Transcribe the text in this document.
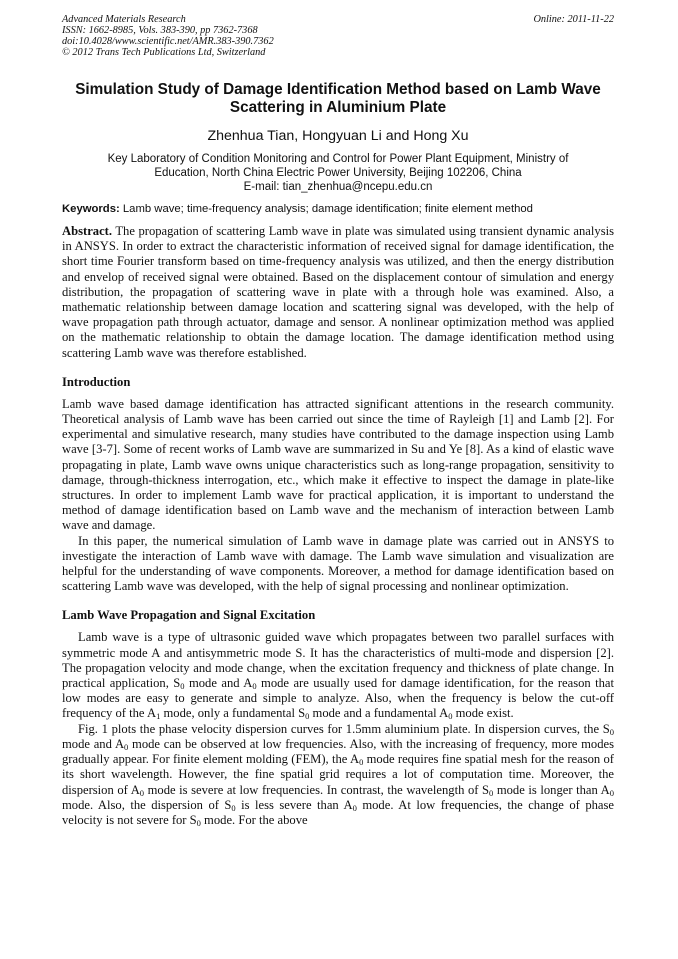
Advanced Materials Research
ISSN: 1662-8985, Vols. 383-390, pp 7362-7368
doi:10.4028/www.scientific.net/AMR.383-390.7362
© 2012 Trans Tech Publications Ltd, Switzerland
Online: 2011-11-22
Simulation Study of Damage Identification Method based on Lamb Wave
Scattering in Aluminium Plate
Zhenhua Tian, Hongyuan Li and Hong Xu
Key Laboratory of Condition Monitoring and Control for Power Plant Equipment, Ministry of
Education, North China Electric Power University, Beijing 102206, China
E-mail: tian_zhenhua@ncepu.edu.cn
Keywords: Lamb wave; time-frequency analysis; damage identification; finite element method

Abstract. The propagation of scattering Lamb wave in plate was simulated using transient dynamic analysis in ANSYS. In order to extract the characteristic information of received signal for damage identification, the short time Fourier transform based on time-frequency analysis was utilized, and then the energy distribution and envelop of received signal were obtained. Based on the displacement contour of simulation and energy distribution, the propagation of scattering wave in plate with a through hole was examined. Also, a mathematic relationship between damage location and scattering signal was developed, with the help of wave propagation path through actuator, damage and sensor. A nonlinear optimization method was applied on the mathematic relationship to obtain the damage location. The damage identification method using scattering Lamb wave was therefore established.

Introduction

Lamb wave based damage identification has attracted significant attentions in the research community. Theoretical analysis of Lamb wave has been carried out since the time of Rayleigh [1] and Lamb [2]. For experimental and simulative research, many studies have contributed to the damage inspection using Lamb wave [3-7]. Some of recent works of Lamb wave are summarized in Su and Ye [8]. As a kind of elastic wave propagating in plate, Lamb wave owns unique characteristics such as long-range propagation, sensitivity to damage, through-thickness interrogation, etc., which make it effective to inspect the damage in plate-like structures. In order to implement Lamb wave for practical application, it is important to understand the method of damage identification based on Lamb wave and the mechanism of interaction between Lamb wave and damage.

In this paper, the numerical simulation of Lamb wave in damage plate was carried out in ANSYS to investigate the interaction of Lamb wave with damage. The Lamb wave simulation and visualization are helpful for the understanding of wave components. Moreover, a method for damage identification based on scattering Lamb wave was developed, with the help of signal processing and nonlinear optimization.

Lamb Wave Propagation and Signal Excitation

Lamb wave is a type of ultrasonic guided wave which propagates between two parallel surfaces with symmetric mode A and antisymmetric mode S. It has the characteristics of multi-mode and dispersion [2]. The propagation velocity and mode change, when the excitation frequency and thickness of plate change. In practical application, $S_0$ mode and $A_0$ mode are usually used for damage identification, for the reason that low modes are easy to generate and simple to analyze. Also, when the frequency is below the cut-off frequency of the $A_1$ mode, only a fundamental $S_0$ mode and a fundamental $A_0$ mode exist.

Fig. 1 plots the phase velocity dispersion curves for 1.5mm aluminium plate. In dispersion curves, the $S_0$ mode and $A_0$ mode can be observed at low frequencies. Also, with the increasing of frequency, more modes gradually appear. For finite element molding (FEM), the $A_0$ mode requires fine spatial mesh for the reason of its short wavelength. However, the fine spatial grid requires a lot of computation time. Moreover, the dispersion of $A_0$ mode is severe at low frequencies. In contrast, the wavelength of $S_0$ mode is longer than $A_0$ mode. Also, the dispersion of $S_0$ is less severe than $A_0$ mode. At low frequencies, the change of phase velocity is not severe for $S_0$ mode. For the above
